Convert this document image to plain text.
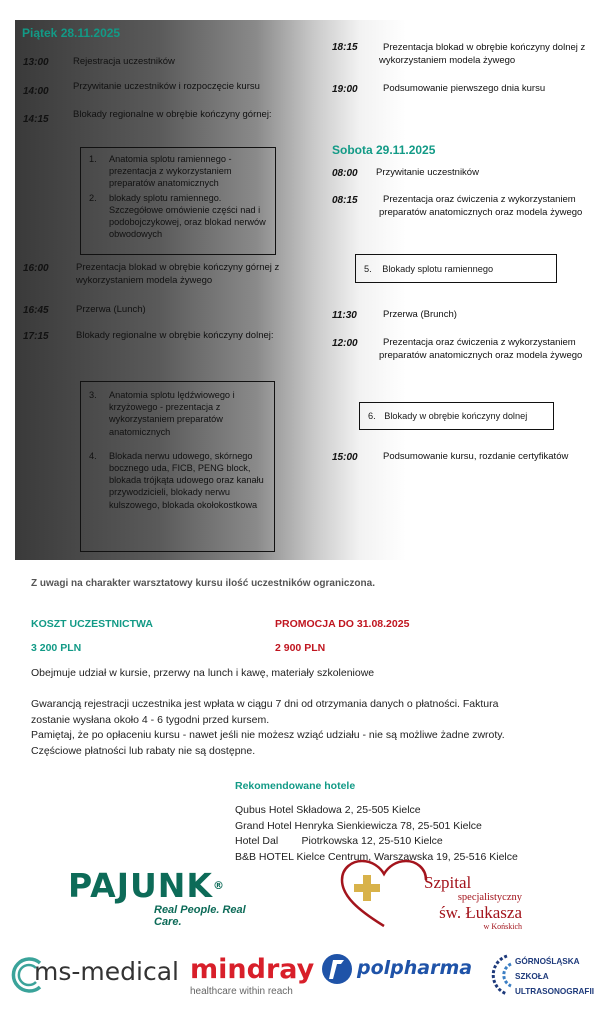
Piątek 28.11.2025
13:00	Rejestracja uczestników
14:00	Przywitanie uczestników i rozpoczęcie kursu
14:15	Blokady regionalne w obrębie kończyny górnej:
1.	Anatomia splotu ramiennego - prezentacja z wykorzystaniem preparatów anatomicznych
2.	blokady splotu ramiennego. Szczegółowe omówienie części nad i podobojczykowej, oraz blokad nerwów obwodowych
16:00	Prezentacja blokad w obrębie kończyny górnej z wykorzystaniem modela żywego
16:45	Przerwa (Lunch)
17:15	Blokady regionalne w obrębie kończyny dolnej:
3.	Anatomia splotu lędźwiowego i krzyżowego - prezentacja z wykorzystaniem preparatów anatomicznych
4.	Blokada nerwu udowego, skórnego bocznego uda, FICB, PENG block, blokada trójkąta udowego oraz kanału przywodzicieli, blokady nerwu kulszowego, blokada okołokostkowa
18:15	Prezentacja blokad w obrębie kończyny dolnej z wykorzystaniem modela żywego
19:00	Podsumowanie pierwszego dnia kursu
Sobota 29.11.2025
08:00 Przywitanie uczestników
08:15	Prezentacja oraz ćwiczenia z wykorzystaniem preparatów anatomicznych oraz modela żywego
5. Blokady splotu ramiennego
11:30	Przerwa (Brunch)
12:00	Prezentacja oraz ćwiczenia z wykorzystaniem preparatów anatomicznych oraz modela żywego
6. Blokady w obrębie kończyny dolnej
15:00	Podsumowanie kursu, rozdanie certyfikatów
Z uwagi na charakter warsztatowy kursu ilość uczestników ograniczona.
KOSZT UCZESTNICTWA
3 200 PLN
PROMOCJA DO 31.08.2025
2 900 PLN
Obejmuje udział w kursie, przerwy na lunch i kawę, materiały szkoleniowe
Gwarancją rejestracji uczestnika jest wpłata w ciągu 7 dni od otrzymania danych o płatności. Faktura
zostanie wysłana około 4 - 6 tygodni przed kursem.
Pamiętaj, że po opłaceniu kursu - nawet jeśli nie możesz wziąć udziału - nie są możliwe żadne zwroty.
Częściowe płatności lub rabaty nie są dostępne.
Rekomendowane hotele
Qubus Hotel Składowa 2, 25-505 Kielce
Grand Hotel Henryka Sienkiewicza 78, 25-501 Kielce
Hotel Dal        Piotrkowska 12, 25-510 Kielce
B&B HOTEL Kielce Centrum, Warszawska 19, 25-516 Kielce
PAJUNK®
Real People. Real Care.
Szpital
specjalistyczny
św. Łukasza
w Końskich
ms-medical mindray
healthcare within reach
polpharma	GÓRNOŚLĄSKA
SZKOŁA
ULTRASONOGRAFII
